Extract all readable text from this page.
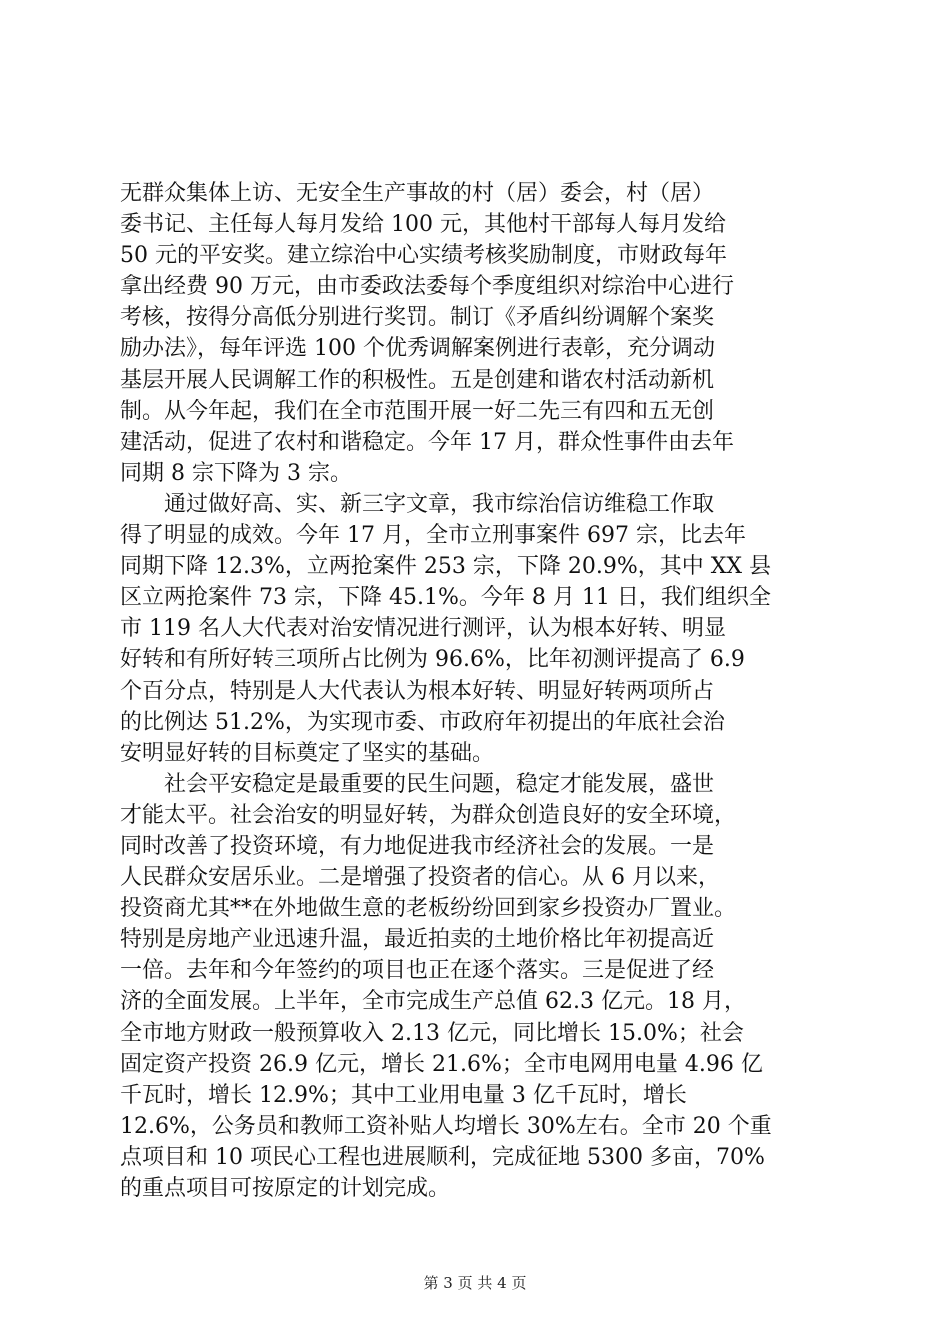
无群众集体上访、无安全生产事故的村（居）委会，村（居）
委书记、主任每人每月发给 100 元，其他村干部每人每月发给
50 元的平安奖。建立综治中心实绩考核奖励制度，市财政每年
拿出经费 90 万元，由市委政法委每个季度组织对综治中心进行
考核，按得分高低分别进行奖罚。制订《矛盾纠纷调解个案奖
励办法》，每年评选 100 个优秀调解案例进行表彰，充分调动
基层开展人民调解工作的积极性。五是创建和谐农村活动新机
制。从今年起，我们在全市范围开展一好二先三有四和五无创
建活动，促进了农村和谐稳定。今年 17 月，群众性事件由去年
同期 8 宗下降为 3 宗。
　　通过做好高、实、新三字文章，我市综治信访维稳工作取
得了明显的成效。今年 17 月，全市立刑事案件 697 宗，比去年
同期下降 12.3%，立两抢案件 253 宗，下降 20.9%，其中 XX 县
区立两抢案件 73 宗，下降 45.1%。今年 8 月 11 日，我们组织全
市 119 名人大代表对治安情况进行测评，认为根本好转、明显
好转和有所好转三项所占比例为 96.6%，比年初测评提高了 6.9
个百分点，特别是人大代表认为根本好转、明显好转两项所占
的比例达 51.2%，为实现市委、市政府年初提出的年底社会治
安明显好转的目标奠定了坚实的基础。
　　社会平安稳定是最重要的民生问题，稳定才能发展，盛世
才能太平。社会治安的明显好转，为群众创造良好的安全环境，
同时改善了投资环境，有力地促进我市经济社会的发展。一是
人民群众安居乐业。二是增强了投资者的信心。从 6 月以来，
投资商尤其**在外地做生意的老板纷纷回到家乡投资办厂置业。
特别是房地产业迅速升温，最近拍卖的土地价格比年初提高近
一倍。去年和今年签约的项目也正在逐个落实。三是促进了经
济的全面发展。上半年，全市完成生产总值 62.3 亿元。18 月，
全市地方财政一般预算收入 2.13 亿元，同比增长 15.0%；社会
固定资产投资 26.9 亿元，增长 21.6%；全市电网用电量 4.96 亿
千瓦时，增长 12.9%；其中工业用电量 3 亿千瓦时，增长
12.6%，公务员和教师工资补贴人均增长 30%左右。全市 20 个重
点项目和 10 项民心工程也进展顺利，完成征地 5300 多亩，70%
的重点项目可按原定的计划完成。
第 3 页 共 4 页
